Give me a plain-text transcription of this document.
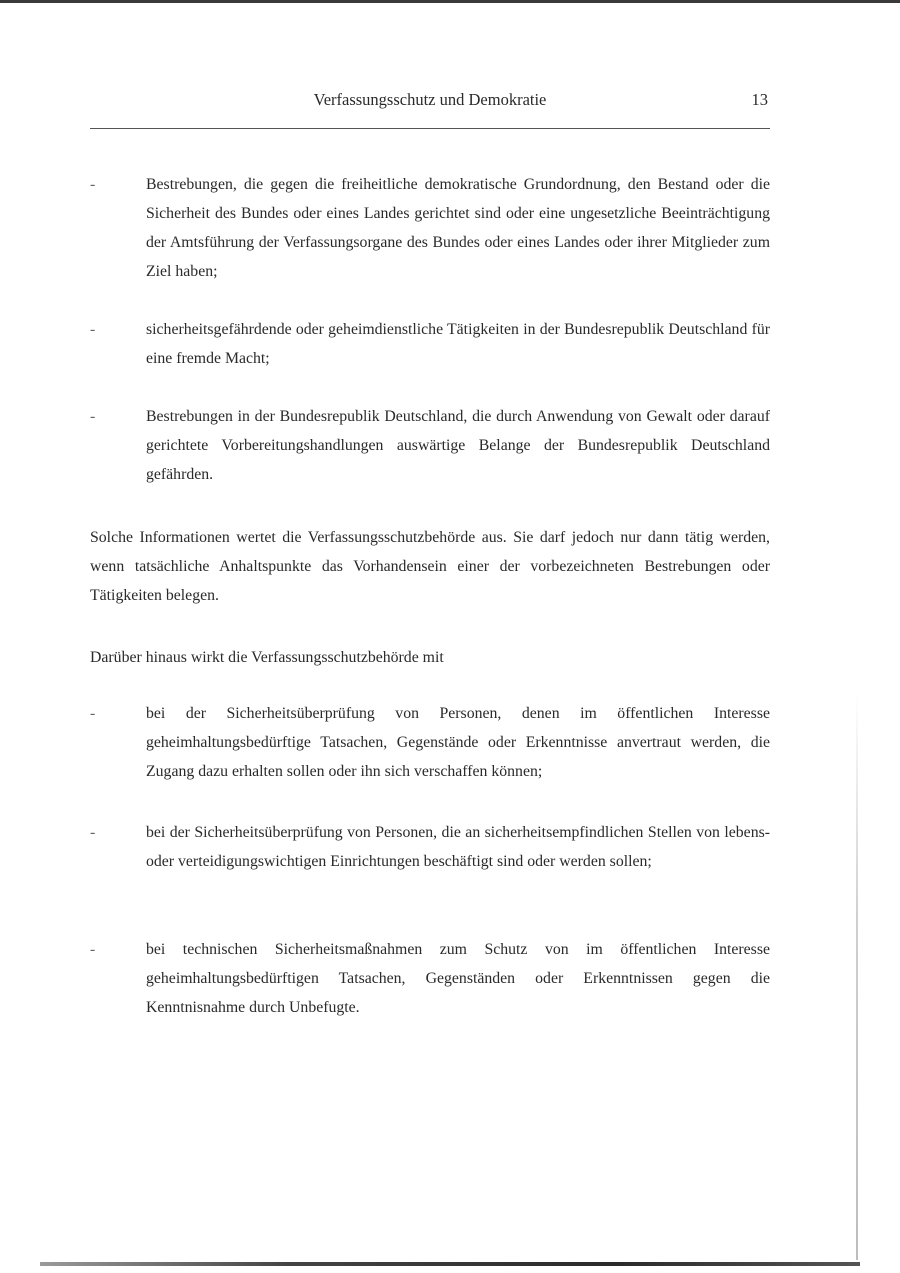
Verfassungsschutz und Demokratie	13
-	Bestrebungen, die gegen die freiheitliche demokratische Grundordnung, den Bestand oder die Sicherheit des Bundes oder eines Landes gerichtet sind oder eine ungesetzliche Beeinträchtigung der Amtsführung der Verfassungsorgane des Bundes oder eines Landes oder ihrer Mitglieder zum Ziel haben;
-	sicherheitsgefährdende oder geheimdienstliche Tätigkeiten in der Bundesrepublik Deutschland für eine fremde Macht;
-	Bestrebungen in der Bundesrepublik Deutschland, die durch Anwendung von Gewalt oder darauf gerichtete Vorbereitungshandlungen auswärtige Belange der Bundesrepublik Deutschland gefährden.
Solche Informationen wertet die Verfassungsschutzbehörde aus. Sie darf jedoch nur dann tätig werden, wenn tatsächliche Anhaltspunkte das Vorhandensein einer der vorbezeichneten Bestrebungen oder Tätigkeiten belegen.
Darüber hinaus wirkt die Verfassungsschutzbehörde mit
-	bei der Sicherheitsüberprüfung von Personen, denen im öffentlichen Interesse geheimhaltungsbedürftige Tatsachen, Gegenstände oder Erkenntnisse anvertraut werden, die Zugang dazu erhalten sollen oder ihn sich verschaffen können;
-	bei der Sicherheitsüberprüfung von Personen, die an sicherheitsempfindlichen Stellen von lebens- oder verteidigungswichtigen Einrichtungen beschäftigt sind oder werden sollen;
-	bei technischen Sicherheitsmaßnahmen zum Schutz von im öffentlichen Interesse geheimhaltungsbedürftigen Tatsachen, Gegenständen oder Erkenntnissen gegen die Kenntnisnahme durch Unbefugte.
